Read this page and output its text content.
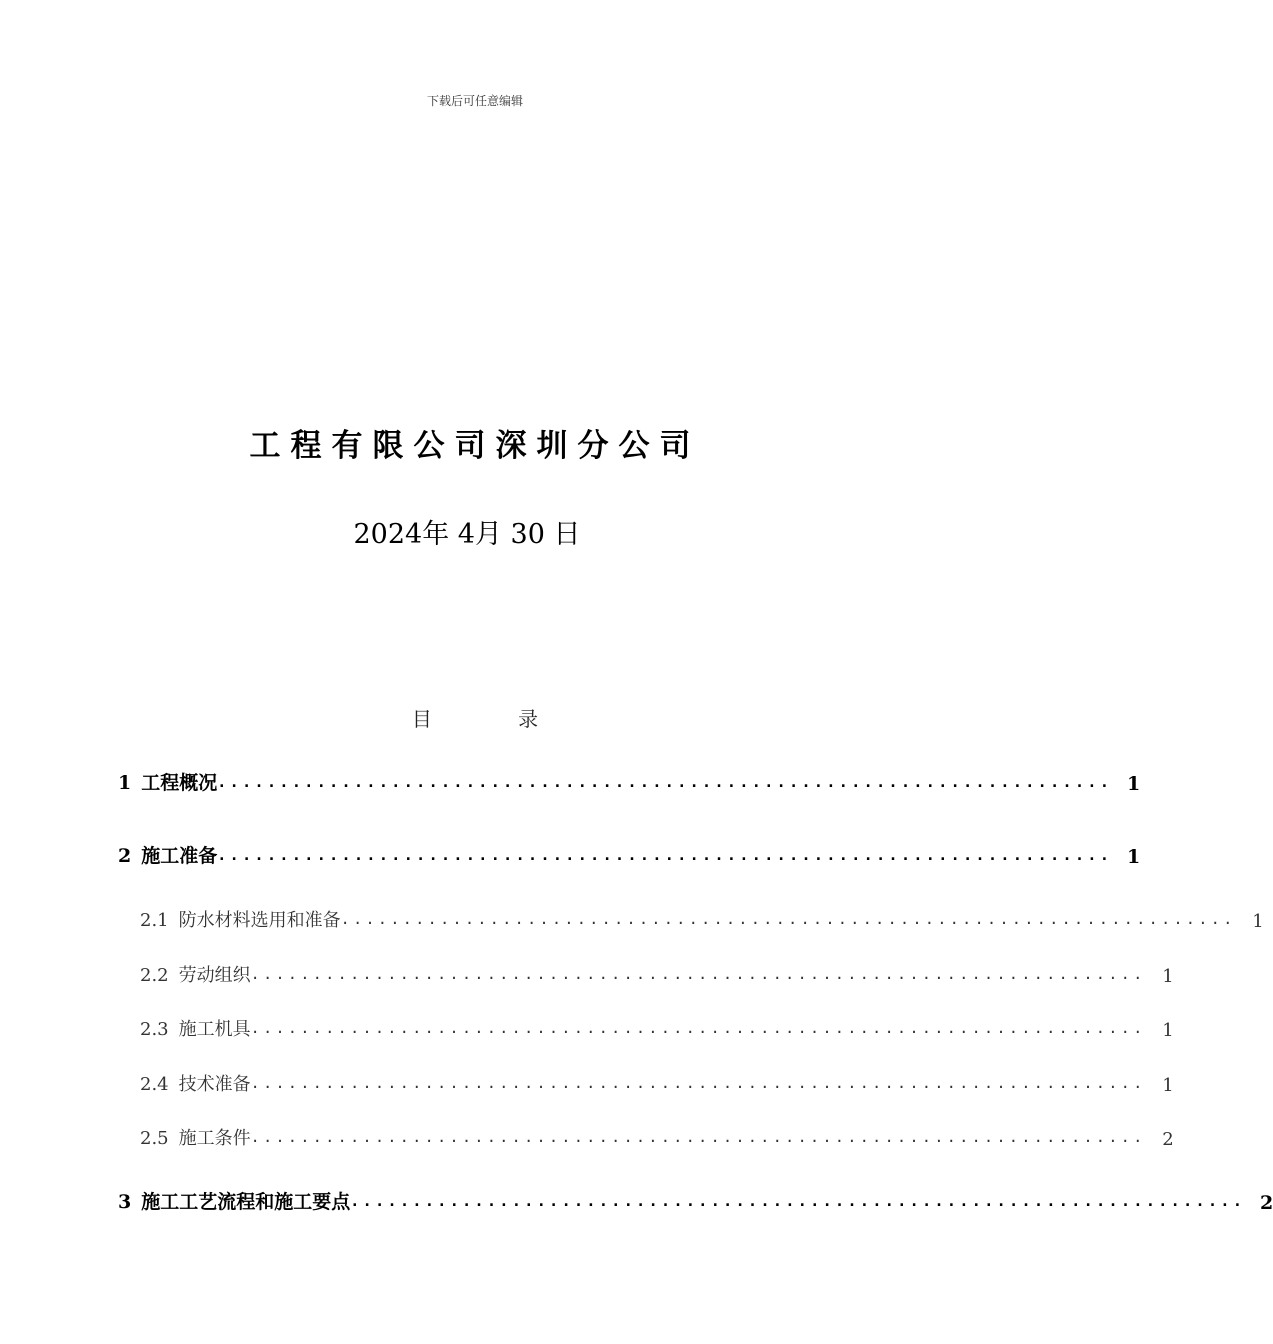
下载后可任意编辑
工程有限公司深圳分公司
2024年 4月 30 日
目 录
1 工程概况 ........................................................................ 1
2 施工准备 ........................................................................ 1
2.1 防水材料选用和准备 ........................................................................ 1
2.2 劳动组织 ........................................................................ 1
2.3 施工机具 ........................................................................ 1
2.4 技术准备 ........................................................................ 1
2.5 施工条件 ........................................................................ 2
3 施工工艺流程和施工要点 ........................................................................ 2
